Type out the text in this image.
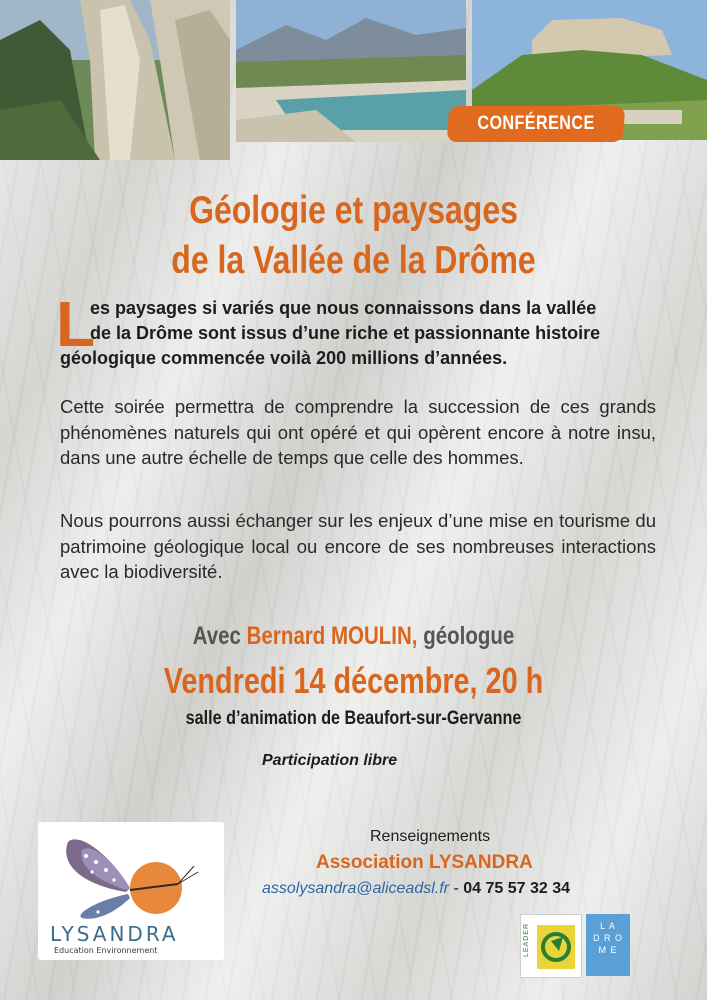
CONFÉRENCE
Géologie et paysages
de la Vallée de la Drôme
L
es paysages si variés que nous connaissons dans la vallée
de la Drôme sont issus d’une riche et passionnante histoire
géologique commencée voilà 200 millions d’années.
Cette soirée permettra de comprendre la succession de ces grands phénomènes naturels qui ont opéré et qui opèrent encore à notre insu, dans une autre échelle de temps que celle des hommes.
Nous pourrons aussi échanger sur les enjeux d’une mise en tourisme du patrimoine géologique local ou encore de ses nombreuses interactions avec la biodiversité.
Avec Bernard MOULIN, géologue
Vendredi 14 décembre, 20 h
salle d’animation de Beaufort-sur-Gervanne
Participation libre
LYSANDRA
Education Environnement
Renseignements
Association LYSANDRA
assolysandra@aliceadsl.fr - 04 75 57 32 34
LEADER	L A
D R O
M E
